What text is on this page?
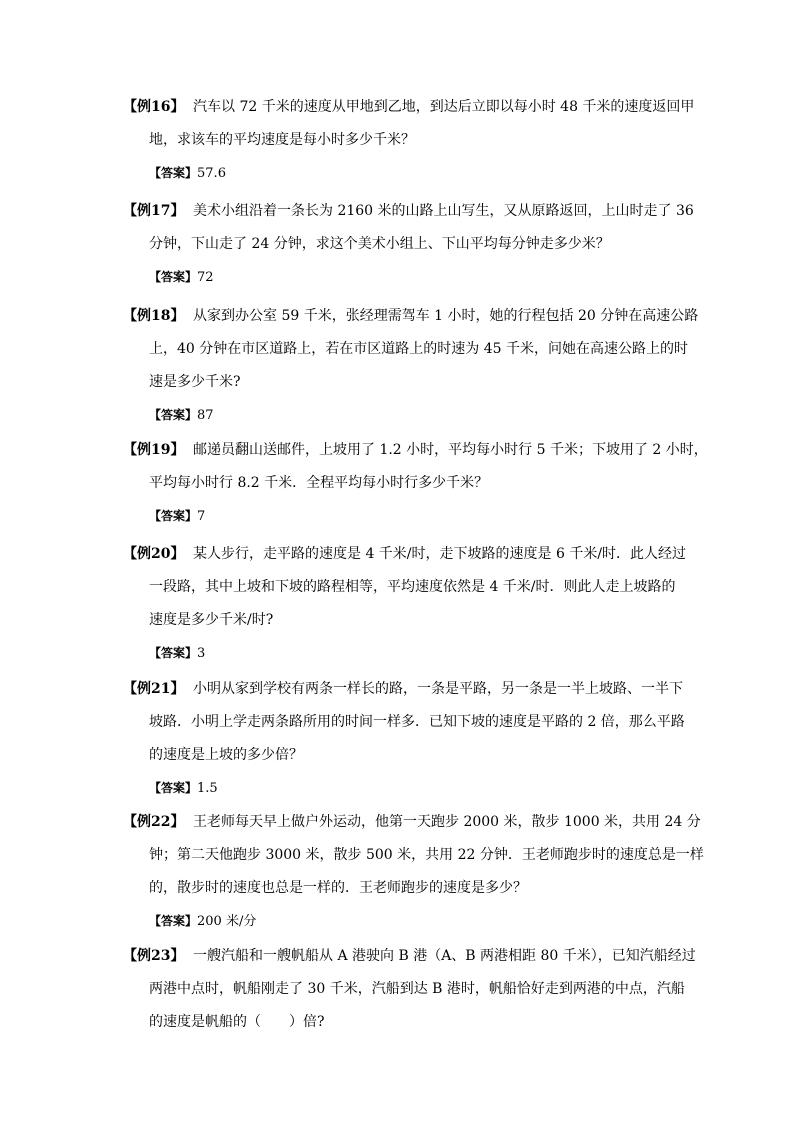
【例16】 汽车以 72 千米的速度从甲地到乙地，到达后立即以每小时 48 千米的速度返回甲
地，求该车的平均速度是每小时多少千米？
【答案】57.6
【例17】 美术小组沿着一条长为 2160 米的山路上山写生，又从原路返回，上山时走了 36
分钟，下山走了 24 分钟，求这个美术小组上、下山平均每分钟走多少米？
【答案】72
【例18】 从家到办公室 59 千米，张经理需驾车 1 小时，她的行程包括 20 分钟在高速公路
上，40 分钟在市区道路上，若在市区道路上的时速为 45 千米，问她在高速公路上的时
速是多少千米?
【答案】87
【例19】 邮递员翻山送邮件，上坡用了 1.2 小时，平均每小时行 5 千米；下坡用了 2 小时，
平均每小时行 8.2 千米．全程平均每小时行多少千米？
【答案】7
【例20】 某人步行，走平路的速度是 4 千米/时，走下坡路的速度是 6 千米/时．此人经过
一段路，其中上坡和下坡的路程相等，平均速度依然是 4 千米/时．则此人走上坡路的
速度是多少千米/时?
【答案】3
【例21】 小明从家到学校有两条一样长的路，一条是平路，另一条是一半上坡路、一半下
坡路．小明上学走两条路所用的时间一样多．已知下坡的速度是平路的 2 倍，那么平路
的速度是上坡的多少倍？
【答案】1.5
【例22】 王老师每天早上做户外运动，他第一天跑步 2000 米，散步 1000 米，共用 24 分
钟；第二天他跑步 3000 米，散步 500 米，共用 22 分钟．王老师跑步时的速度总是一样
的，散步时的速度也总是一样的．王老师跑步的速度是多少？
【答案】200 米/分
【例23】 一艘汽船和一艘帆船从 A 港驶向 B 港（A、B 两港相距 80 千米），已知汽船经过
两港中点时，帆船刚走了 30 千米，汽船到达 B 港时，帆船恰好走到两港的中点，汽船
的速度是帆船的（　　）倍?
